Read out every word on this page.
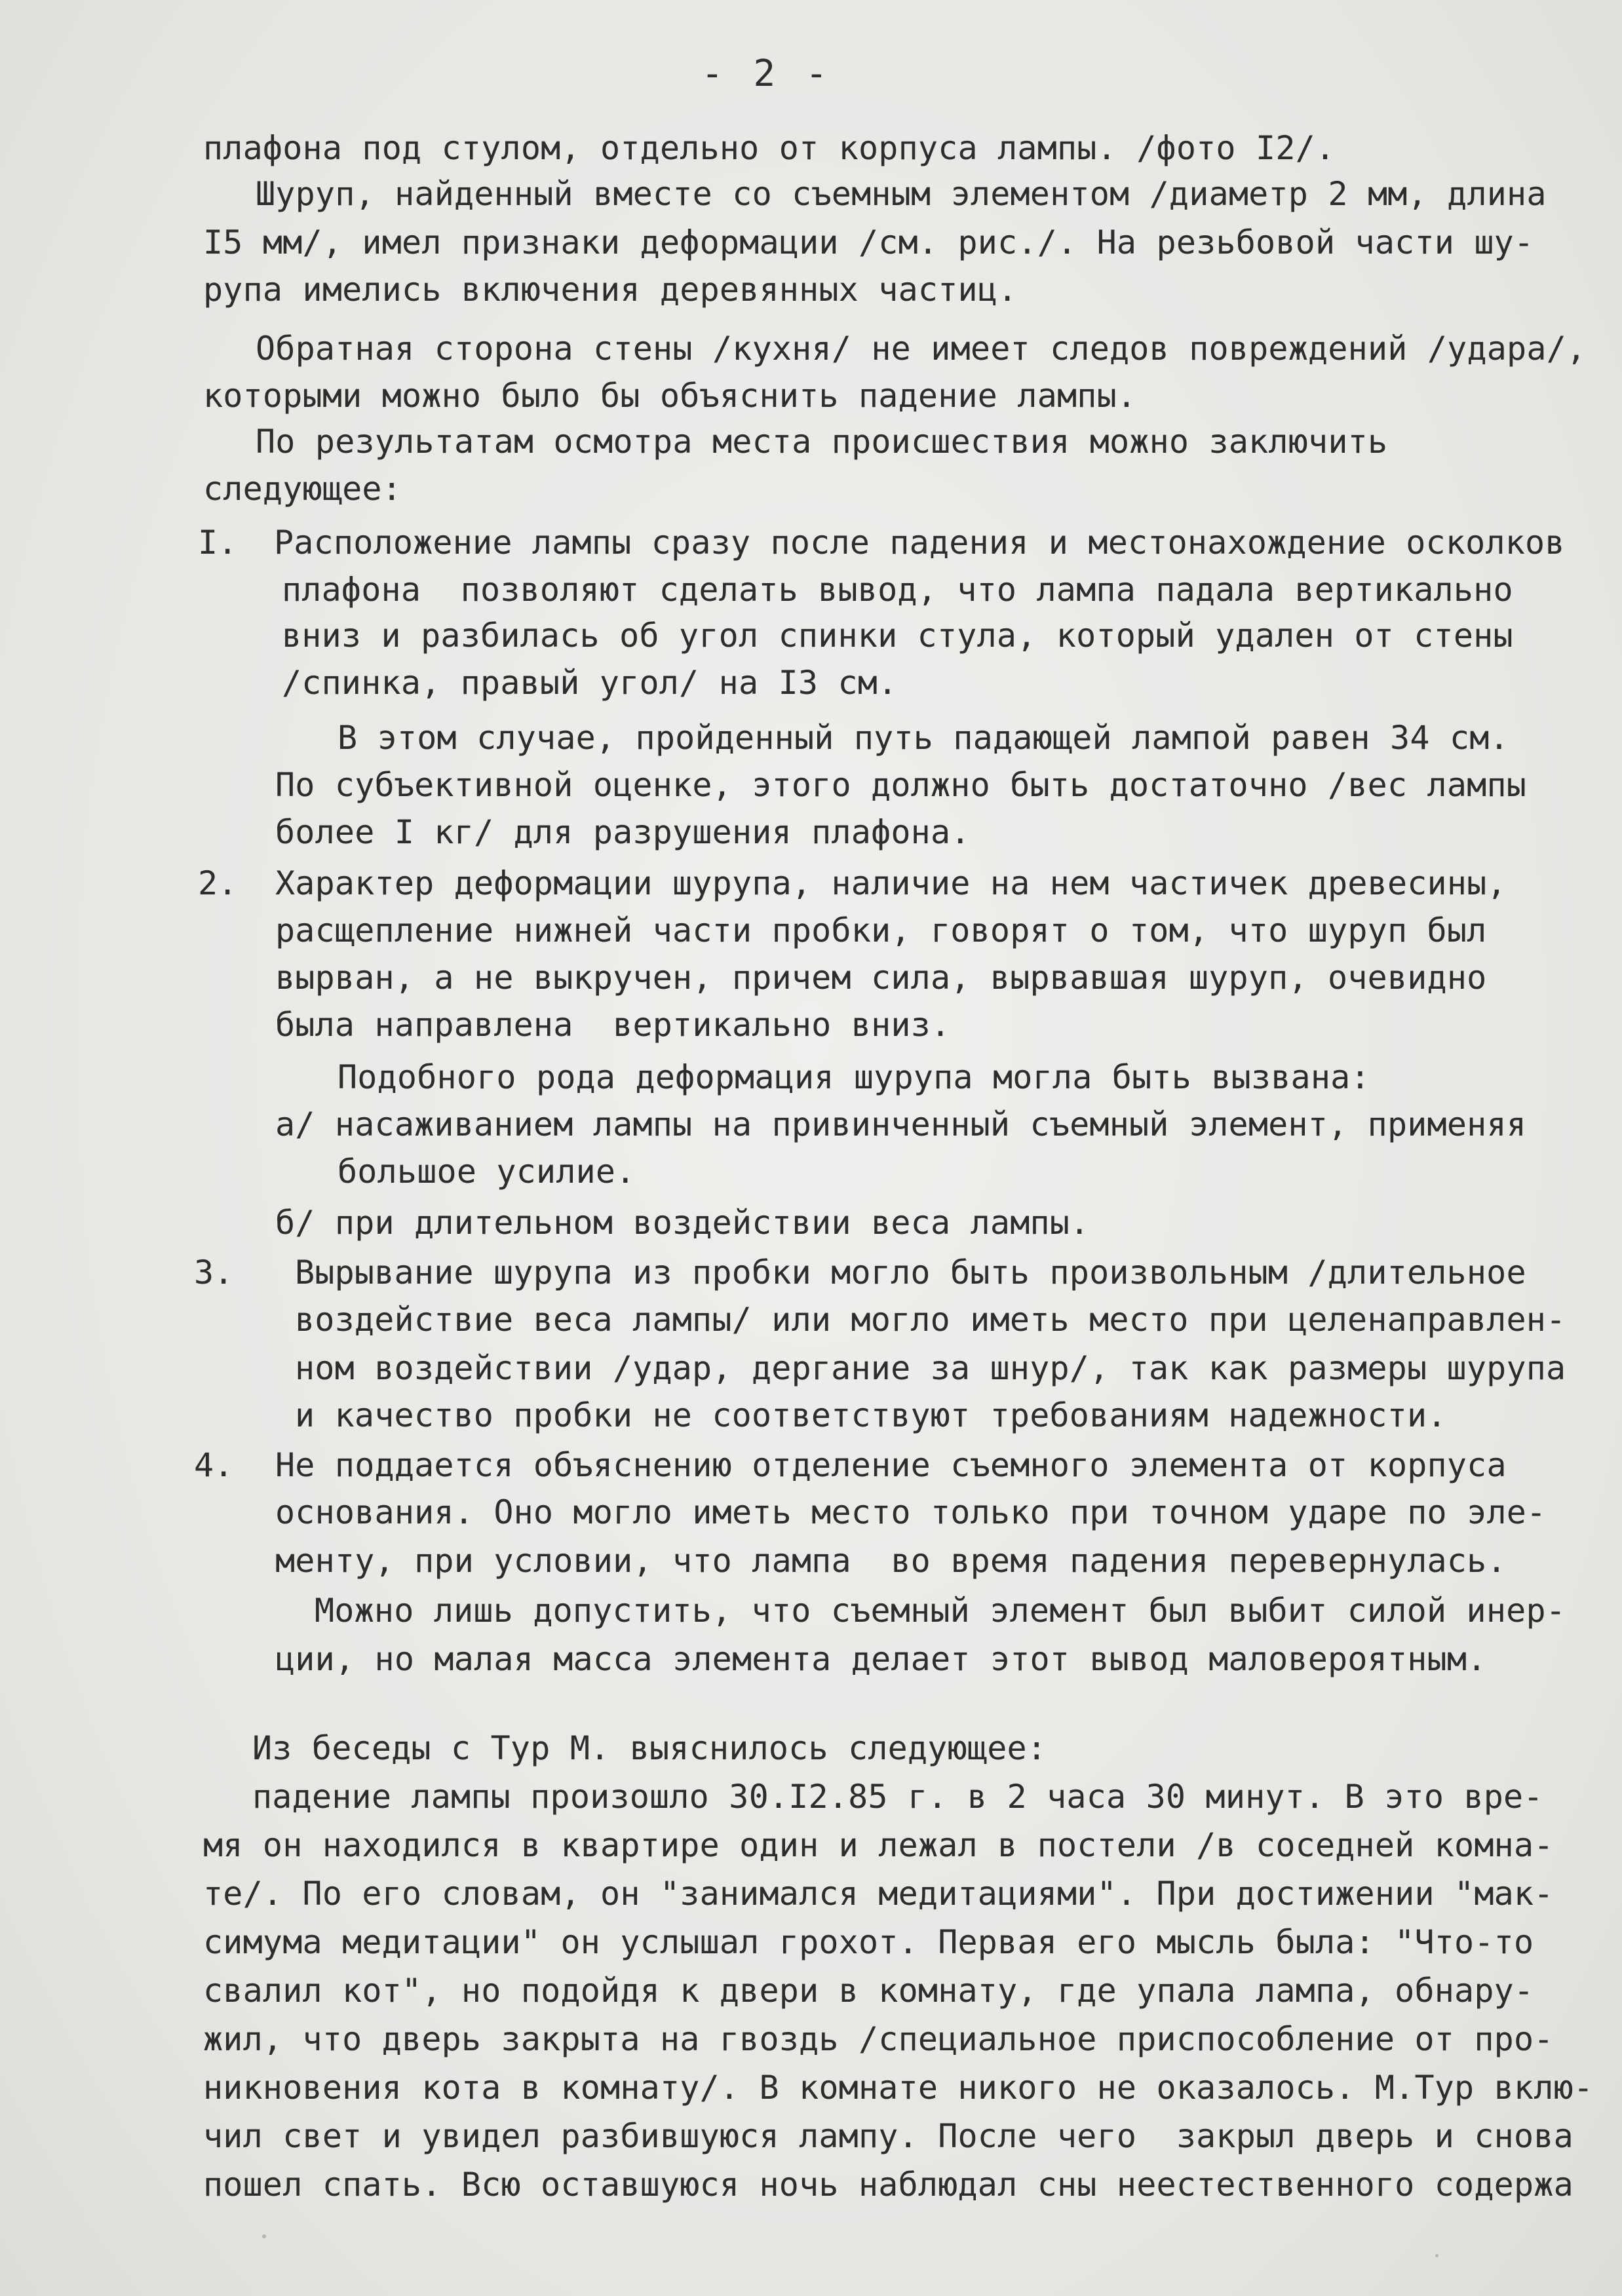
- 2 -
плафона под стулом, отдельно от корпуса лампы. /фото I2/.
Шуруп, найденный вместе со съемным элементом /диаметр 2 мм, длина
I5 мм/, имел признаки деформации /см. рис./. На резьбовой части шу-
рупа имелись включения деревянных частиц.
Обратная сторона стены /кухня/ не имеет следов повреждений /удара/,
которыми можно было бы объяснить падение лампы.
По результатам осмотра места происшествия можно заключить
следующее:
I. Расположение лампы сразу после падения и местонахождение осколков
плафона  позволяют сделать вывод, что лампа падала вертикально
вниз и разбилась об угол спинки стула, который удален от стены
/спинка, правый угол/ на I3 см.
В этом случае, пройденный путь падающей лампой равен 34 см.
По субъективной оценке, этого должно быть достаточно /вес лампы
более I кг/ для разрушения плафона.
2. Характер деформации шурупа, наличие на нем частичек древесины,
расщепление нижней части пробки, говорят о том, что шуруп был
вырван, а не выкручен, причем сила, вырвавшая шуруп, очевидно
была направлена  вертикально вниз.
Подобного рода деформация шурупа могла быть вызвана:
а/ насаживанием лампы на привинченный съемный элемент, применяя
большое усилие.
б/ при длительном воздействии веса лампы.
3. Вырывание шурупа из пробки могло быть произвольным /длительное
воздействие веса лампы/ или могло иметь место при целенаправлен-
ном воздействии /удар, дергание за шнур/, так как размеры шурупа
и качество пробки не соответствуют требованиям надежности.
4. Не поддается объяснению отделение съемного элемента от корпуса
основания. Оно могло иметь место только при точном ударе по эле-
менту, при условии, что лампа  во время падения перевернулась.
Можно лишь допустить, что съемный элемент был выбит силой инер-
ции, но малая масса элемента делает этот вывод маловероятным.
Из беседы с Тур М. выяснилось следующее:
падение лампы произошло 30.I2.85 г. в 2 часа 30 минут. В это вре-
мя он находился в квартире один и лежал в постели /в соседней комна-
те/. По его словам, он "занимался медитациями". При достижении "мак-
симума медитации" он услышал грохот. Первая его мысль была: "Что-то
свалил кот", но подойдя к двери в комнату, где упала лампа, обнару-
жил, что дверь закрыта на гвоздь /специальное приспособление от про-
никновения кота в комнату/. В комнате никого не оказалось. М.Тур вклю-
чил свет и увидел разбившуюся лампу. После чего  закрыл дверь и снова
пошел спать. Всю оставшуюся ночь наблюдал сны неестественного содержа
